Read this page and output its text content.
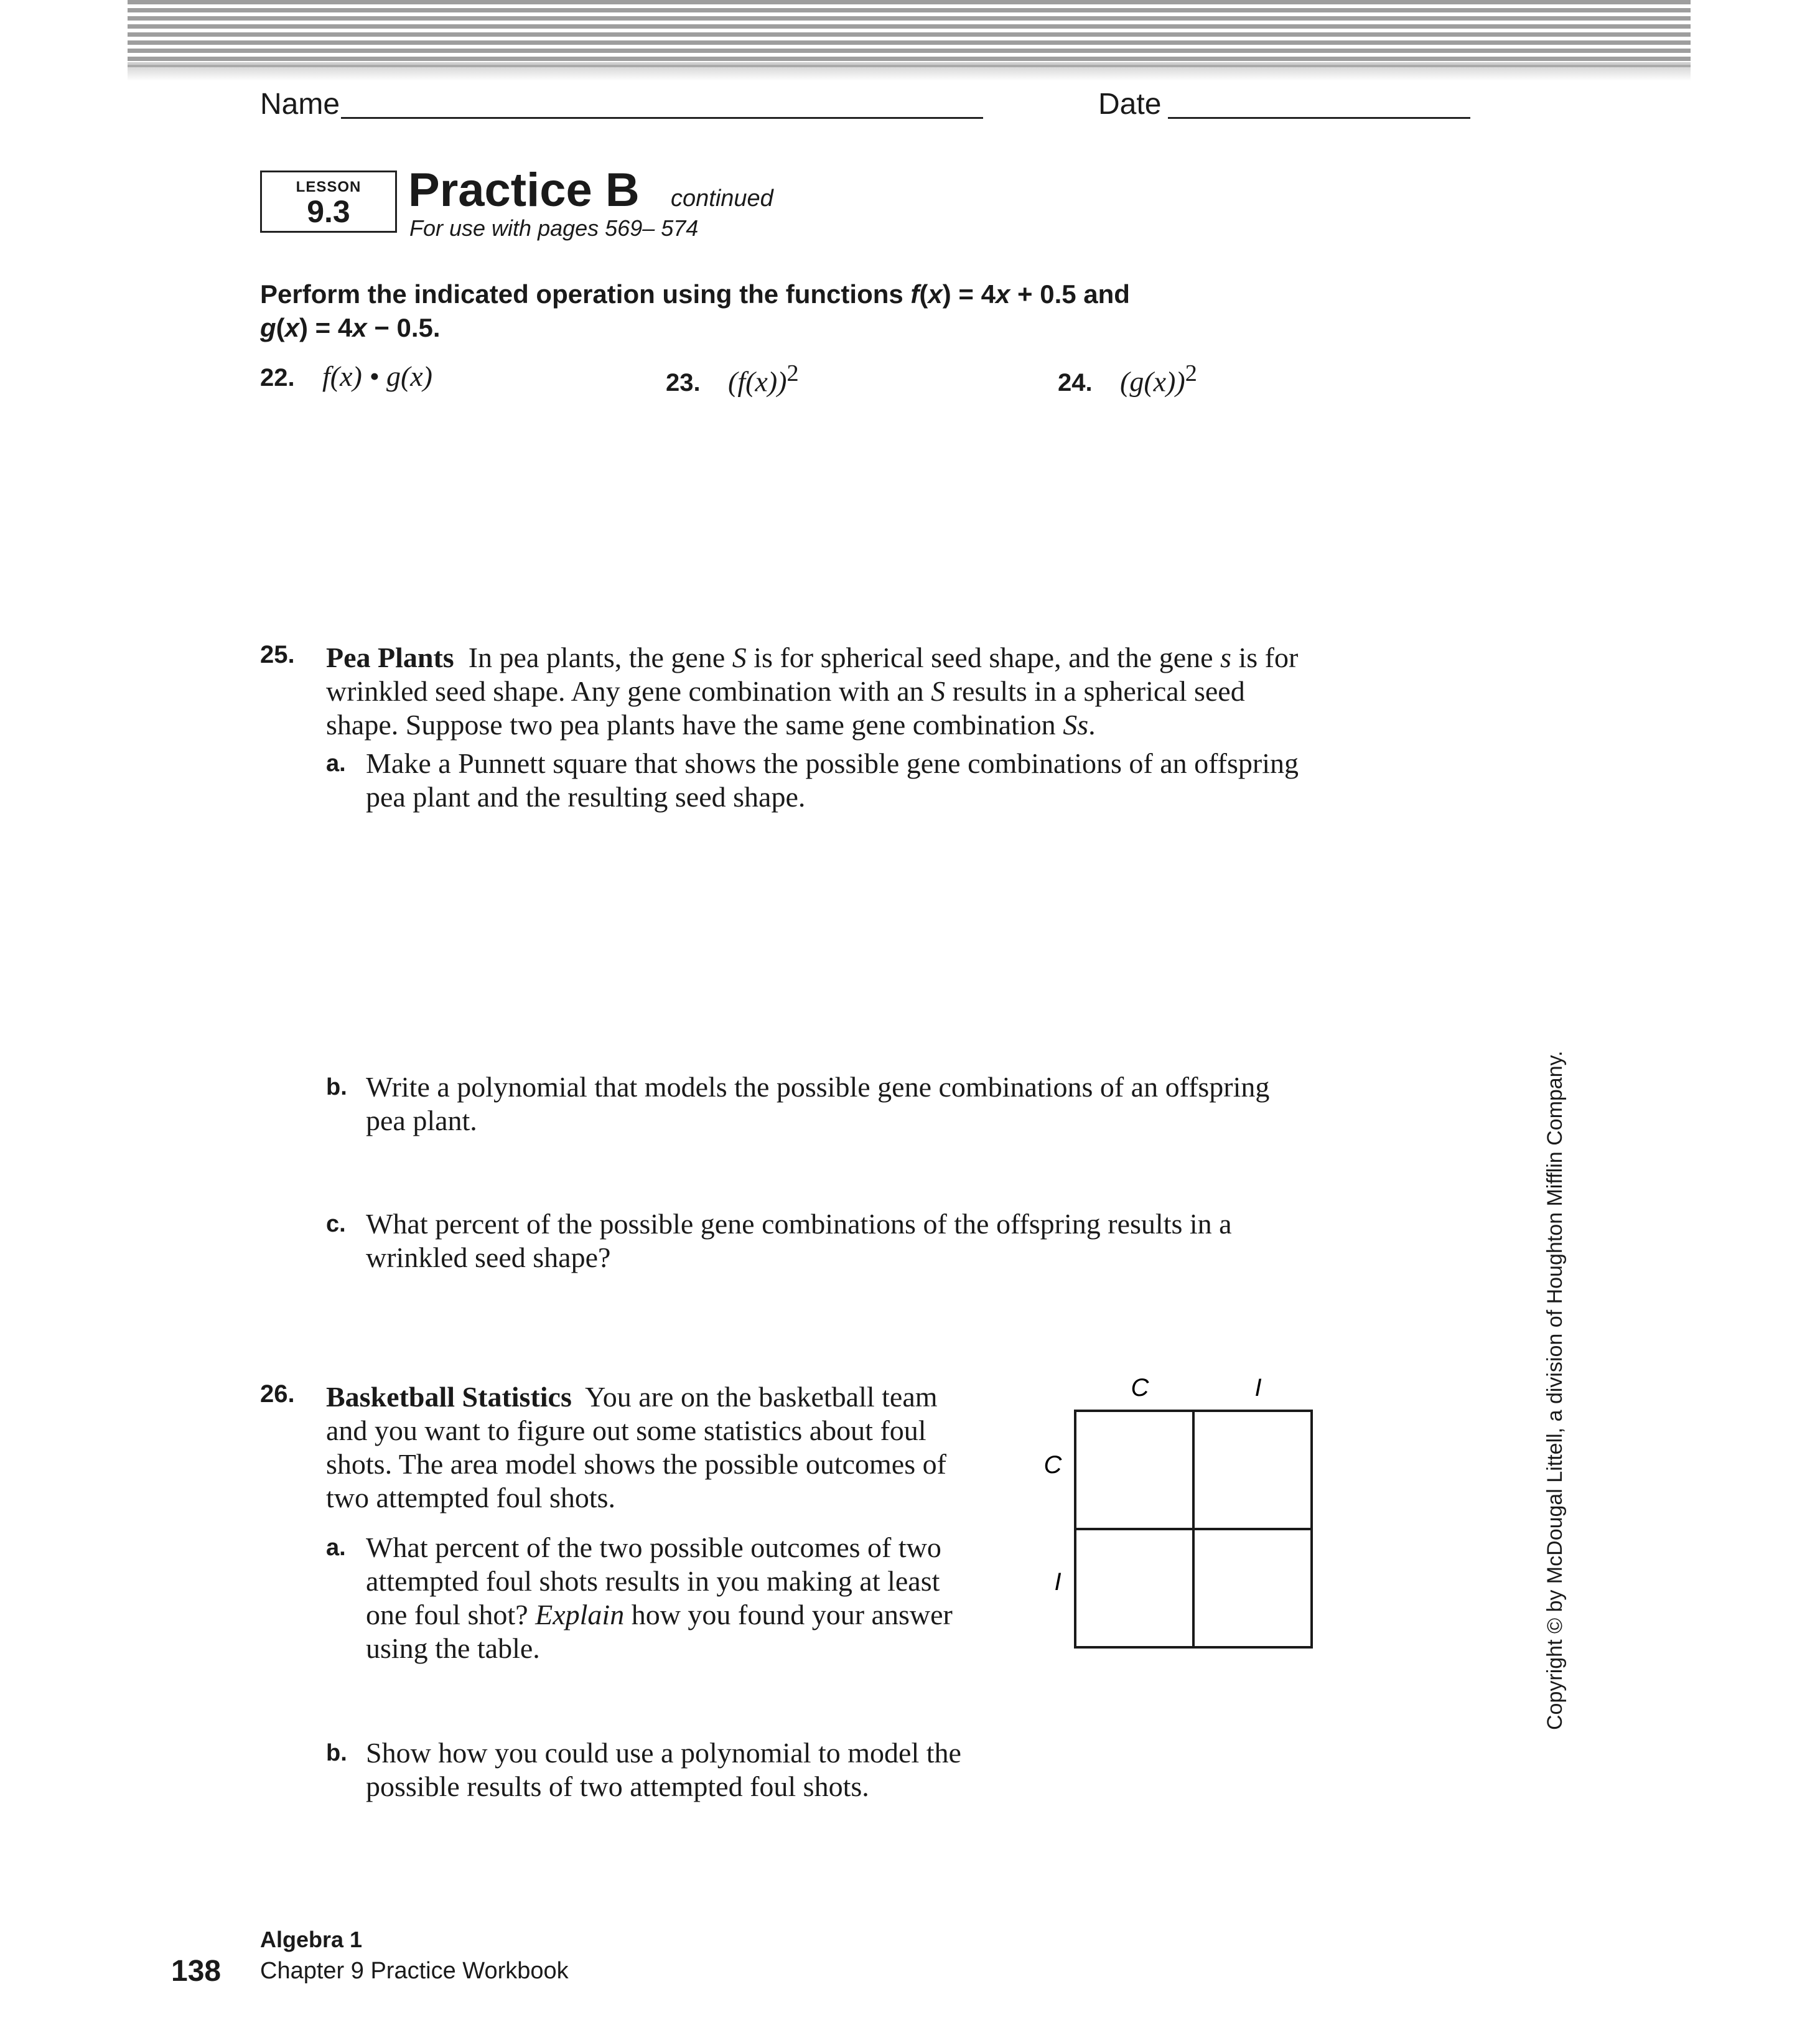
Name	Date
LESSON
9.3	Practice B continued
For use with pages 569– 574
Perform the indicated operation using the functions f(x) = 4x + 0.5 and
g(x) = 4x − 0.5.
22. f(x) • g(x)	23. $(f(x))^2$	24. $(g(x))^2$
25. Pea Plants In pea plants, the gene S is for spherical seed shape, and the gene s is for wrinkled seed shape. Any gene combination with an S results in a spherical seed shape. Suppose two pea plants have the same gene combination Ss.
a. Make a Punnett square that shows the possible gene combinations of an offspring pea plant and the resulting seed shape.
b. Write a polynomial that models the possible gene combinations of an offspring pea plant.
c. What percent of the possible gene combinations of the offspring results in a wrinkled seed shape?
26. Basketball Statistics You are on the basketball team and you want to figure out some statistics about foul shots. The area model shows the possible outcomes of two attempted foul shots.
a. What percent of the two possible outcomes of two attempted foul shots results in you making at least one foul shot? Explain how you found your answer using the table.
b. Show how you could use a polynomial to model the possible results of two attempted foul shots.
C	I
C
I	Copyright © by McDougal Littell, a division of Houghton Mifflin Company.
138
Algebra 1
Chapter 9 Practice Workbook
